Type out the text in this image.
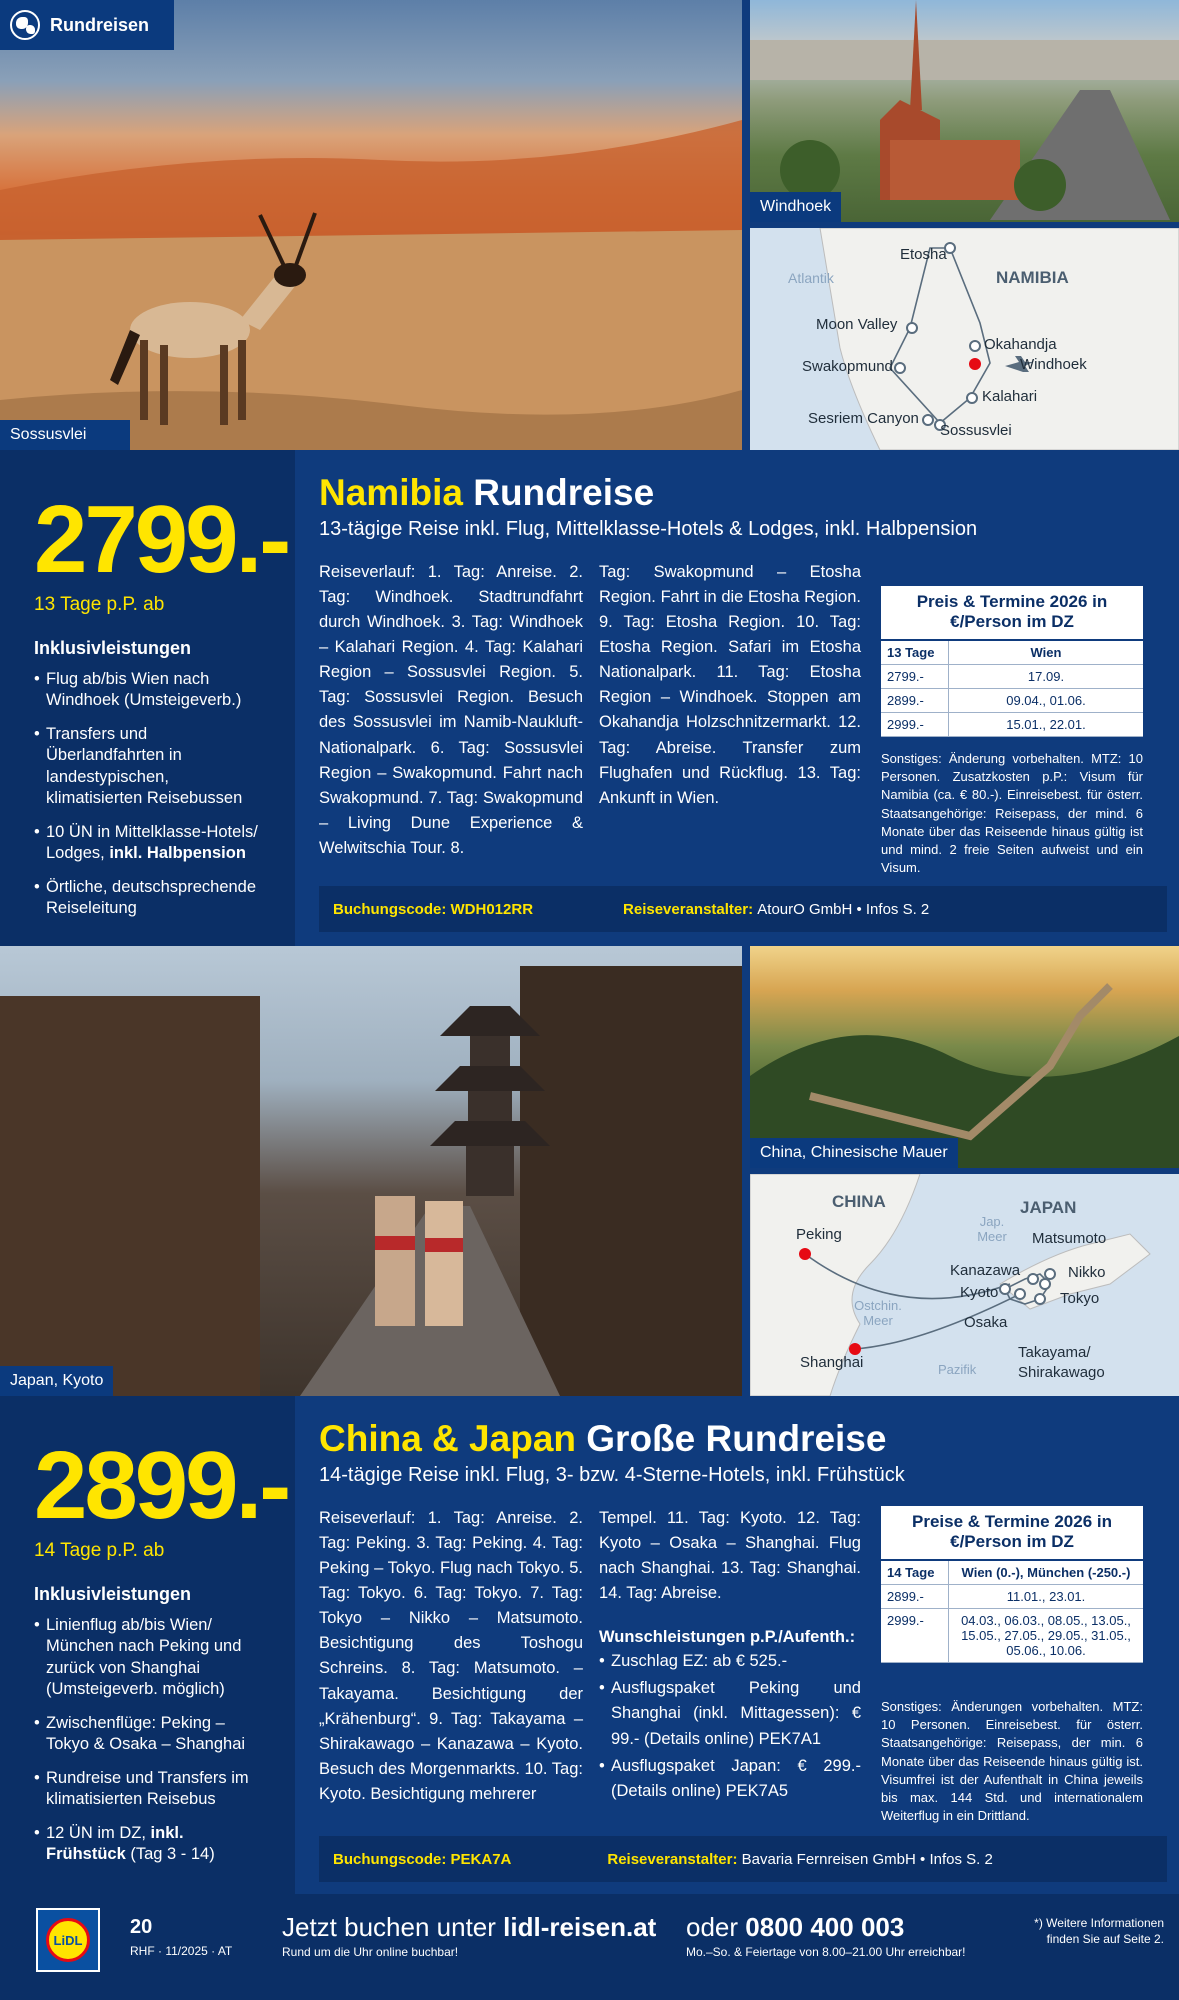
Sossusvlei
Rundreisen
Windhoek
Atlantik	NAMIBIA
Etosha
Moon Valley
Okahandja
Windhoek
Swakopmund
Kalahari
Sesriem Canyon
Sossusvlei
2799.-
13 Tage p.P. ab
Inklusivleistungen
• Flug ab/bis Wien nach Windhoek (Umsteigeverb.)
• Transfers und Überlandfahrten in landestypischen, klimatisierten Reisebussen
• 10 ÜN in Mittelklasse-Hotels/ Lodges, inkl. Halbpension
• Örtliche, deutschsprechende Reiseleitung
Namibia Rundreise
13-tägige Reise inkl. Flug, Mittelklasse-Hotels & Lodges, inkl. Halbpension
Reiseverlauf: 1. Tag: Anreise. 2. Tag: Windhoek. Stadtrundfahrt durch Windhoek. 3. Tag: Windhoek – Kalahari Region. 4. Tag: Kalahari Region – Sossusvlei Region. 5. Tag: Sossusvlei Region. Besuch des Sossusvlei im Namib-Naukluft-Nationalpark. 6. Tag: Sossusvlei Region – Swakopmund. Fahrt nach Swakopmund. 7. Tag: Swakopmund – Living Dune Experience & Welwitschia Tour. 8.
Tag: Swakopmund – Etosha Region. Fahrt in die Etosha Region. 9. Tag: Etosha Region. 10. Tag: Etosha Region. Safari im Etosha Nationalpark. 11. Tag: Etosha Region – Windhoek. Stoppen am Okahandja Holzschnitzermarkt. 12. Tag: Abreise. Transfer zum Flughafen und Rückflug. 13. Tag: Ankunft in Wien.
Preis & Termine 2026 in €/Person im DZ
13 Tage	Wien
2799.-	17.09.
2899.-	09.04., 01.06.
2999.-	15.01., 22.01.
Sonstiges: Änderung vorbehalten. MTZ: 10 Personen. Zusatzkosten p.P.: Visum für Namibia (ca. € 80.-). Einreisebest. für österr. Staatsangehörige: Reisepass, der mind. 6 Monate über das Reiseende hinaus gültig ist und mind. 2 freie Seiten aufweist und ein Visum.
Buchungscode:
WDH012RR	Reiseveranstalter:
AtourO GmbH • Infos S. 2
Japan, Kyoto
China, Chinesische Mauer
CHINA	JAPAN
Jap. Meer
Ostchin. Meer
Pazifik
Peking	Matsumoto
Kanazawa	Nikko
Kyoto	Tokyo
Osaka
Shanghai
Takayama/
Shirakawago
2899.-
14 Tage p.P. ab
Inklusivleistungen
• Linienflug ab/bis Wien/ München nach Peking und zurück von Shanghai (Umsteigeverb. möglich)
• Zwischenflüge: Peking – Tokyo & Osaka – Shanghai
• Rundreise und Transfers im klimatisierten Reisebus
• 12 ÜN im DZ, inkl. Frühstück (Tag 3 - 14)
China & Japan Große Rundreise
14-tägige Reise inkl. Flug, 3- bzw. 4-Sterne-Hotels, inkl. Frühstück
Reiseverlauf: 1. Tag: Anreise. 2. Tag: Peking. 3. Tag: Peking. 4. Tag: Peking – Tokyo. Flug nach Tokyo. 5. Tag: Tokyo. 6. Tag: Tokyo. 7. Tag: Tokyo – Nikko – Matsumoto. Besichtigung des Toshogu Schreins. 8. Tag: Matsumoto. – Takayama. Besichtigung der „Krähenburg“. 9. Tag: Takayama – Shirakawago – Kanazawa – Kyoto. Besuch des Morgenmarkts. 10. Tag: Kyoto. Besichtigung mehrerer
Tempel. 11. Tag: Kyoto. 12. Tag: Kyoto – Osaka – Shanghai. Flug nach Shanghai. 13. Tag: Shanghai. 14. Tag: Abreise.
Wunschleistungen p.P./Aufenth.:
• Zuschlag EZ: ab € 525.-
• Ausflugspaket Peking und Shanghai (inkl. Mittagessen): € 99.- (Details online) PEK7A1
• Ausflugspaket Japan: € 299.- (Details online) PEK7A5
Preise & Termine 2026 in €/Person im DZ
14 Tage	Wien (0.-), München (-250.-)
2899.-	11.01., 23.01.
2999.-	04.03., 06.03., 08.05., 13.05., 15.05., 27.05., 29.05., 31.05., 05.06., 10.06.
Sonstiges: Änderungen vorbehalten. MTZ: 10 Personen. Einreisebest. für österr. Staatsangehörige: Reisepass, der min. 6 Monate über das Reiseende hinaus gültig ist. Visumfrei ist der Aufenthalt in China jeweils bis max. 144 Std. und internationalem Weiterflug in ein Drittland.
Buchungscode:
PEKA7A	Reiseveranstalter:
Bavaria Fernreisen GmbH • Infos S. 2
LiDL
20
RHF · 11/2025 · AT
Jetzt buchen unter lidl-reisen.at
Rund um die Uhr online buchbar!
oder 0800 400 003
Mo.–So. & Feiertage von 8.00–21.00 Uhr erreichbar!
*) Weitere Informationen finden Sie auf Seite 2.
